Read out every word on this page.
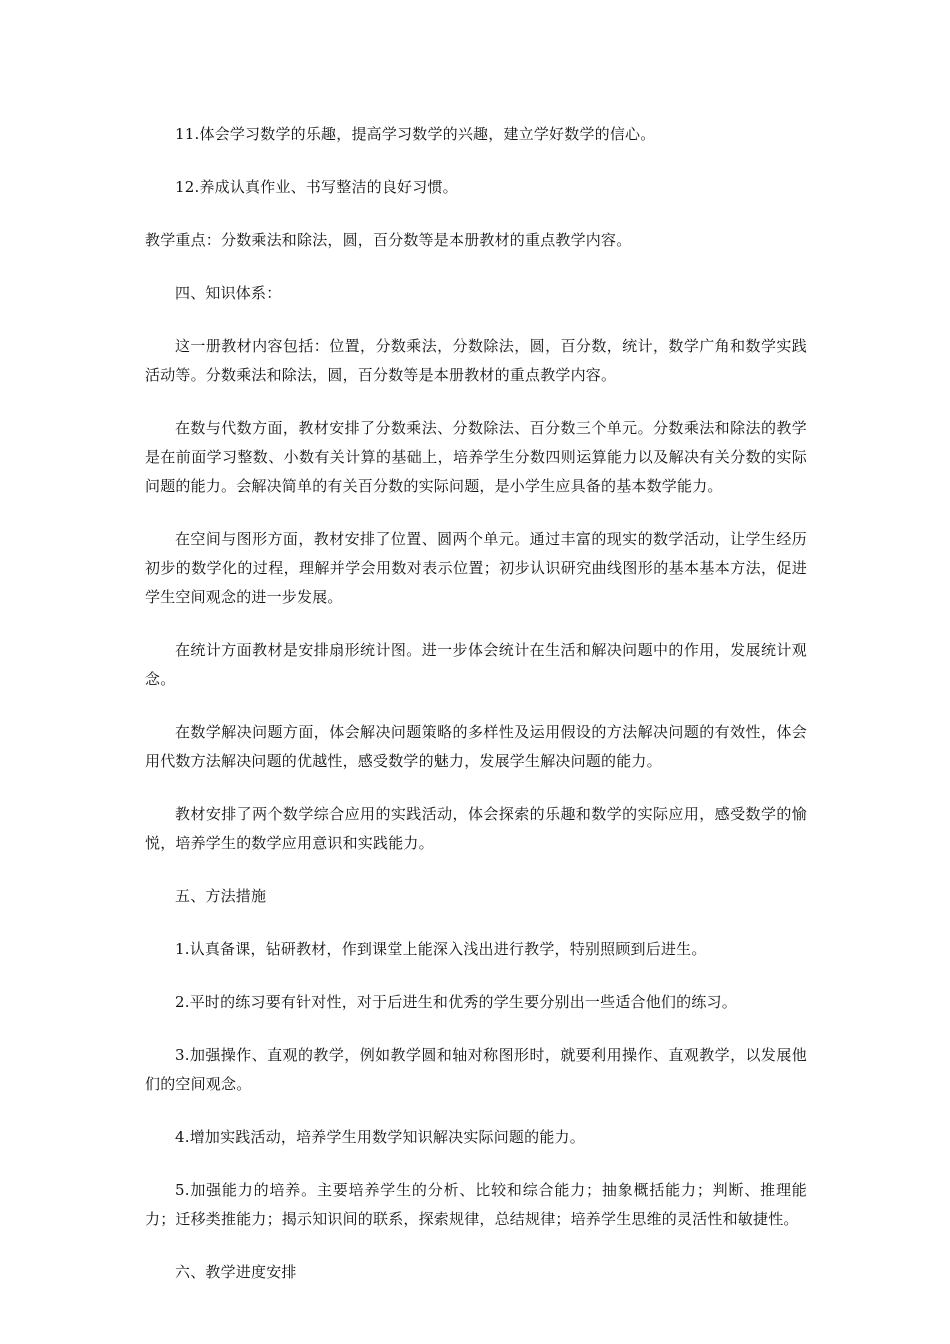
11.体会学习数学的乐趣，提高学习数学的兴趣，建立学好数学的信心。

12.养成认真作业、书写整洁的良好习惯。

教学重点：分数乘法和除法，圆，百分数等是本册教材的重点教学内容。

四、知识体系：

这一册教材内容包括：位置，分数乘法，分数除法，圆，百分数，统计，数学广角和数学实践活动等。分数乘法和除法，圆，百分数等是本册教材的重点教学内容。

在数与代数方面，教材安排了分数乘法、分数除法、百分数三个单元。分数乘法和除法的教学是在前面学习整数、小数有关计算的基础上，培养学生分数四则运算能力以及解决有关分数的实际问题的能力。会解决简单的有关百分数的实际问题，是小学生应具备的基本数学能力。

在空间与图形方面，教材安排了位置、圆两个单元。通过丰富的现实的数学活动，让学生经历初步的数学化的过程，理解并学会用数对表示位置；初步认识研究曲线图形的基本基本方法，促进学生空间观念的进一步发展。

在统计方面教材是安排扇形统计图。进一步体会统计在生活和解决问题中的作用，发展统计观念。

在数学解决问题方面，体会解决问题策略的多样性及运用假设的方法解决问题的有效性，体会用代数方法解决问题的优越性，感受数学的魅力，发展学生解决问题的能力。

教材安排了两个数学综合应用的实践活动，体会探索的乐趣和数学的实际应用，感受数学的愉悦，培养学生的数学应用意识和实践能力。

五、方法措施

1.认真备课，钻研教材，作到课堂上能深入浅出进行教学，特别照顾到后进生。

2.平时的练习要有针对性，对于后进生和优秀的学生要分别出一些适合他们的练习。

3.加强操作、直观的教学，例如教学圆和轴对称图形时，就要利用操作、直观教学，以发展他们的空间观念。

4.增加实践活动，培养学生用数学知识解决实际问题的能力。

5.加强能力的培养。主要培养学生的分析、比较和综合能力；抽象概括能力；判断、推理能力；迁移类推能力；揭示知识间的联系，探索规律，总结规律；培养学生思维的灵活性和敏捷性。

六、教学进度安排
